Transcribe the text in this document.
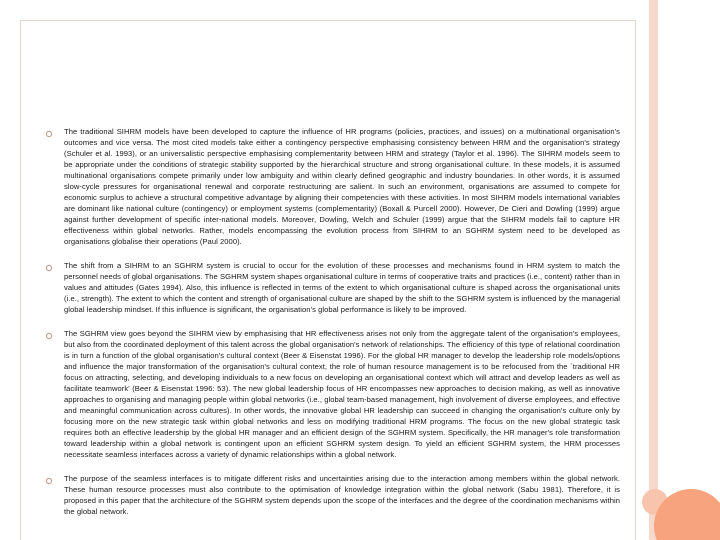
The traditional SIHRM models have been developed to capture the influence of HR programs (policies, practices, and issues) on a multinational organisation's outcomes and vice versa. The most cited models take either a contingency perspective emphasising consistency between HRM and the organisation's strategy (Schuler et al. 1993), or an universalistic perspective emphasising complementarity between HRM and strategy (Taylor et al. 1996). The SIHRM models seem to be appropriate under the conditions of strategic stability supported by the hierarchical structure and strong organisational culture. In these models, it is assumed multinational organisations compete primarily under low ambiguity and within clearly defined geographic and industry boundaries. In other words, it is assumed slow-cycle pressures for organisational renewal and corporate restructuring are salient. In such an environment, organisations are assumed to compete for economic surplus to achieve a structural competitive advantage by aligning their competencies with these activities. In most SIHRM models international variables are dominant like national culture (contingency) or employment systems (complementarity) (Boxall & Purcell 2000). However, De Cieri and Dowling (1999) argue against further development of specific inter-national models. Moreover, Dowling, Welch and Schuler (1999) argue that the SIHRM models fail to capture HR effectiveness within global networks. Rather, models encompassing the evolution process from SIHRM to an SGHRM system need to be developed as organisations globalise their operations (Paul 2000).
The shift from a SIHRM to an SGHRM system is crucial to occur for the evolution of these processes and mechanisms found in HRM system to match the personnel needs of global organisations. The SGHRM system shapes organisational culture in terms of cooperative traits and practices (i.e., content) rather than in values and attitudes (Gates 1994). Also, this influence is reflected in terms of the extent to which organisational culture is shaped across the organisational units (i.e., strength). The extent to which the content and strength of organisational culture are shaped by the shift to the SGHRM system is influenced by the managerial global leadership mindset. If this influence is significant, the organisation's global performance is likely to be improved.
The SGHRM view goes beyond the SIHRM view by emphasising that HR effectiveness arises not only from the aggregate talent of the organisation's employees, but also from the coordinated deployment of this talent across the global organisation's network of relationships. The efficiency of this type of relational coordination is in turn a function of the global organisation's cultural context (Beer & Eisenstat 1996). For the global HR manager to develop the leadership role models/options and influence the major transformation of the organisation's cultural context, the role of human resource management is to be refocused from the `traditional HR focus on attracting, selecting, and developing individuals to a new focus on developing an organisational context which will attract and develop leaders as well as facilitate teamwork' (Beer & Eisenstat 1996: 53). The new global leadership focus of HR encompasses new approaches to decision making, as well as innovative approaches to organising and managing people within global networks (i.e., global team-based management, high involvement of diverse employees, and effective and meaningful communication across cultures). In other words, the innovative global HR leadership can succeed in changing the organisation's culture only by focusing more on the new strategic task within global networks and less on modifying traditional HRM programs. The focus on the new global strategic task requires both an effective leadership by the global HR manager and an efficient design of the SGHRM system. Specifically, the HR manager's role transformation toward leadership within a global network is contingent upon an efficient SGHRM system design. To yield an efficient SGHRM system, the HRM processes necessitate seamless interfaces across a variety of dynamic relationships within a global network.
The purpose of the seamless interfaces is to mitigate different risks and uncertainties arising due to the interaction among members within the global network. These human resource processes must also contribute to the optimisation of knowledge integration within the global network (Sabu 1981). Therefore, it is proposed in this paper that the architecture of the SGHRM system depends upon the scope of the interfaces and the degree of the coordination mechanisms within the global network.
